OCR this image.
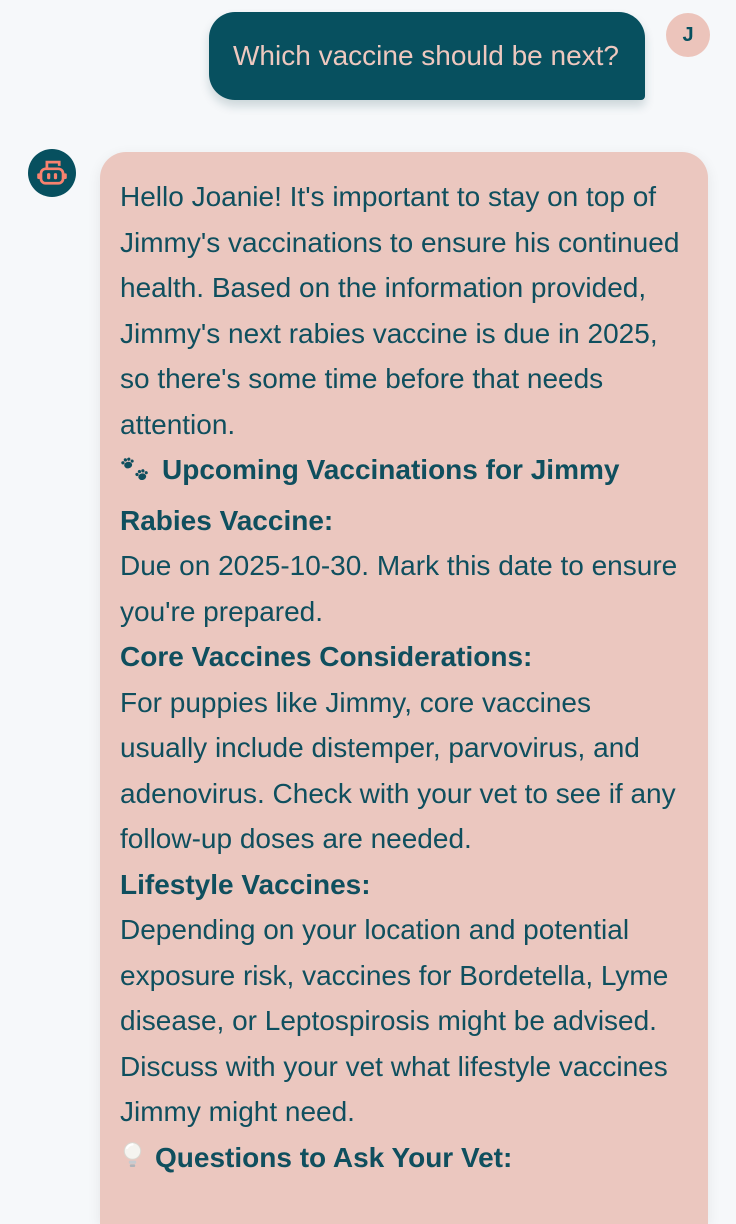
Which vaccine should be next?
J
Hello Joanie! It's important to stay on top of Jimmy's vaccinations to ensure his continued health. Based on the information provided, Jimmy's next rabies vaccine is due in 2025, so there's some time before that needs attention.
Upcoming Vaccinations for Jimmy
Rabies Vaccine:
Due on 2025-10-30. Mark this date to ensure you're prepared.
Core Vaccines Considerations:
For puppies like Jimmy, core vaccines usually include distemper, parvovirus, and adenovirus. Check with your vet to see if any follow-up doses are needed.
Lifestyle Vaccines:
Depending on your location and potential exposure risk, vaccines for Bordetella, Lyme disease, or Leptospirosis might be advised. Discuss with your vet what lifestyle vaccines Jimmy might need.
Questions to Ask Your Vet:
